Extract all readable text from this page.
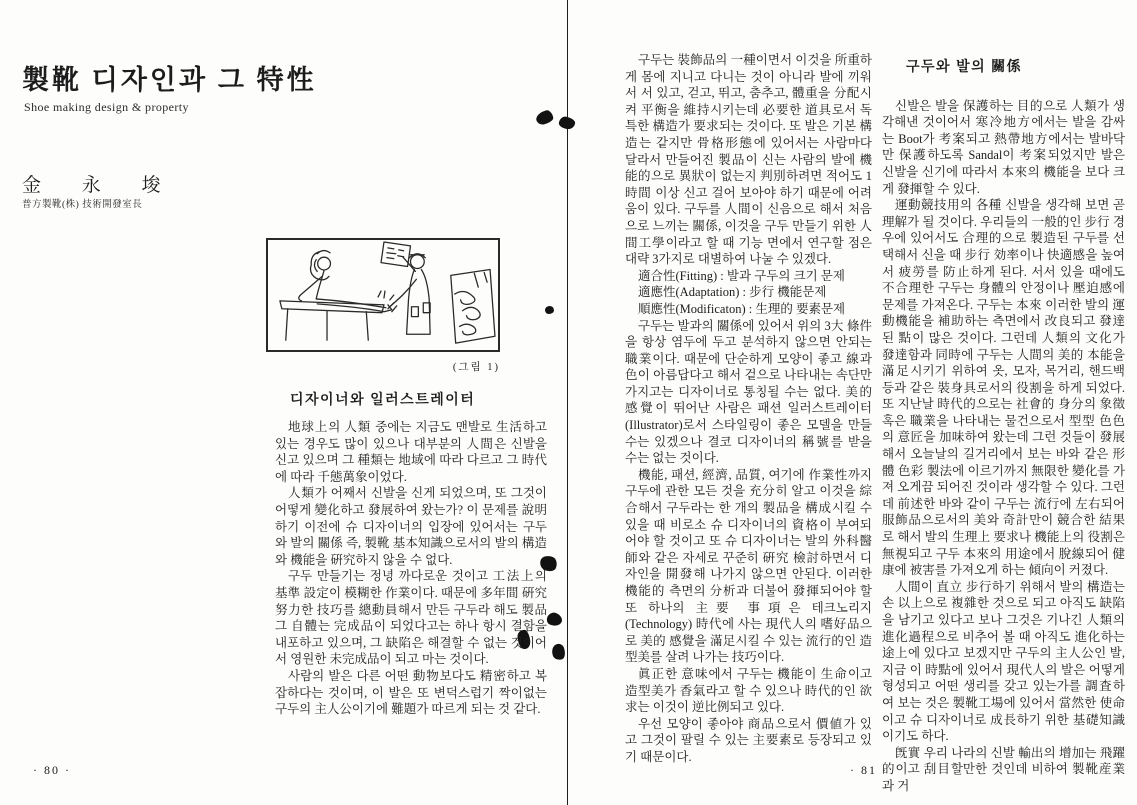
製靴 디자인과 그 特性
Shoe making design & property
金 永 埈
普方製靴(株) 技術開發室長
(그림 1)
디자이너와 일러스트레이터

地球上의 人類 중에는 지금도 맨발로 生活하고 있는 경우도 많이 있으나 대부분의 人間은 신발을 신고 있으며 그 種類는 地域에 따라 다르고 그 時代에 따라 千態萬象이었다.

人類가 어째서 신발을 신게 되었으며, 또 그것이 어떻게 變化하고 發展하여 왔는가? 이 문제를 說明하기 이전에 슈 디자이너의 입장에 있어서는 구두와 발의 關係 즉, 製靴 基本知識으로서의 발의 構造와 機能을 硏究하지 않을 수 없다.

구두 만들기는 정녕 까다로운 것이고 工法上의 基準 設定이 模糊한 作業이다. 때문에 多年間 硏究 努力한 技巧를 總動員해서 만든 구두라 해도 製品 그 自體는 完成品이 되었다고는 하나 항시 결함을 내포하고 있으며, 그 缺陷은 해결할 수 없는 것이어서 영원한 未完成品이 되고 마는 것이다.

사람의 발은 다른 어떤 動物보다도 精密하고 복잡하다는 것이며, 이 발은 또 변덕스럽기 짝이없는 구두의 主人公이기에 難題가 따르게 되는 것 같다.

· 80 ·

구두는 裝飾品의 一種이면서 이것을 所重하게 몸에 지니고 다니는 것이 아니라 발에 끼워서 서 있고, 걷고, 뛰고, 춤추고, 體重을 分配시켜 平衡을 維持시키는데 必要한 道具로서 독특한 構造가 要求되는 것이다. 또 발은 기본 構造는 같지만 骨格形態에 있어서는 사람마다 달라서 만들어진 製品이 신는 사람의 발에 機能的으로 異狀이 없는지 判別하려면 적어도 1時間 이상 신고 걸어 보아야 하기 때문에 어려움이 있다. 구두를 人間이 신음으로 해서 처음으로 느끼는 關係, 이것을 구두 만들기 위한 人間工學이라고 할 때 기능 면에서 연구할 점은 대략 3가지로 대별하여 나눌 수 있겠다.

適合性(Fitting) : 발과 구두의 크기 문제

適應性(Adaptation) : 步行 機能문제

順應性(Modificaton) : 生理的 要素문제

구두는 발과의 關係에 있어서 위의 3大 條件을 항상 염두에 두고 분석하지 않으면 안되는 職業이다. 때문에 단순하게 모양이 좋고 線과 色이 아름답다고 해서 겉으로 나타내는 속단만 가지고는 디자이너로 통칭될 수는 없다. 美的 感覺이 뛰어난 사람은 패션 일러스트레이터(Illustrator)로서 스타일링이 좋은 모델을 만들 수는 있겠으나 결코 디자이너의 稱號를 받을 수는 없는 것이다.

機能, 패션, 經濟, 品質, 여기에 作業性까지 구두에 관한 모든 것을 充分히 알고 이것을 綜合해서 구두라는 한 개의 製品을 構成시킬 수 있을 때 비로소 슈 디자이너의 資格이 부여되어야 할 것이고 또 슈 디자이너는 발의 外科醫師와 같은 자세로 꾸준히 硏究 檢討하면서 디자인을 開發해 나가지 않으면 안된다. 이러한 機能的 측면의 分析과 더불어 發揮되어야 할 또 하나의 主要 事項은 테크노리지(Technology) 時代에 사는 現代人의 嗜好品으로 美的 感覺을 滿足시킬 수 있는 流行的인 造型美를 살려 나가는 技巧이다.

眞正한 意味에서 구두는 機能이 生命이고 造型美가 香氣라고 할 수 있으나 時代的인 欲求는 이것이 逆比例되고 있다.

우선 모양이 좋아야 商品으로서 價値가 있고 그것이 팔릴 수 있는 主要素로 등장되고 있기 때문이다.

구두와 발의 關係

신발은 발을 保護하는 目的으로 人類가 생각해낸 것이어서 寒冷地方에서는 발을 감싸는 Boot가 考案되고 熱帶地方에서는 발바닥만 保護하도록 Sandal이 考案되었지만 발은 신발을 신기에 따라서 本來의 機能을 보다 크게 發揮할 수 있다.

運動競技用의 各種 신발을 생각해 보면 곧 理解가 될 것이다. 우리들의 一般的인 步行 경우에 있어서도 合理的으로 製造된 구두를 선택해서 신을 때 步行 効率이나 快適感을 높여서 疲勞를 防止하게 된다. 서서 있을 때에도 不合理한 구두는 身體의 안정이나 壓迫感에 문제를 가져온다. 구두는 本來 이러한 발의 運動機能을 補助하는 측면에서 改良되고 發達된 點이 많은 것이다. 그런데 人類의 文化가 發達함과 同時에 구두는 人間의 美的 本能을 滿足시키기 위하여 옷, 모자, 목거리, 핸드백 등과 같은 裝身具로서의 役割을 하게 되었다. 또 지난날 時代的으로는 社會的 身分의 象徵 혹은 職業을 나타내는 물건으로서 型型 色色의 意匠을 加味하여 왔는데 그런 것들이 發展해서 오늘날의 길거리에서 보는 바와 같은 形體 色彩 製法에 이르기까지 無限한 變化를 가져 오게끔 되어진 것이라 생각할 수 있다. 그런데 前述한 바와 같이 구두는 流行에 左右되어 服飾品으로서의 美와 奇計만이 競合한 結果로 해서 발의 生理上 要求나 機能上의 役割은 無視되고 구두 本來의 用途에서 脫線되어 健康에 被害를 가져오게 하는 傾向이 커졌다.

人間이 直立 步行하기 위해서 발의 構造는 손 以上으로 複雜한 것으로 되고 아직도 缺陷을 남기고 있다고 보나 그것은 기나긴 人類의 進化過程으로 비추어 볼 때 아직도 進化하는 途上에 있다고 보겠지만 구두의 主人公인 발, 지금 이 時點에 있어서 現代人의 발은 어떻게 형성되고 어떤 생리를 갖고 있는가를 調査하여 보는 것은 製靴工場에 있어서 當然한 使命이고 슈 디자이너로 成長하기 위한 基礎知識이기도 하다.

旣實 우리 나라의 신발 輸出의 增加는 飛躍的이고 刮目할만한 것인데 비하여 製靴産業과 거

· 81 ·
